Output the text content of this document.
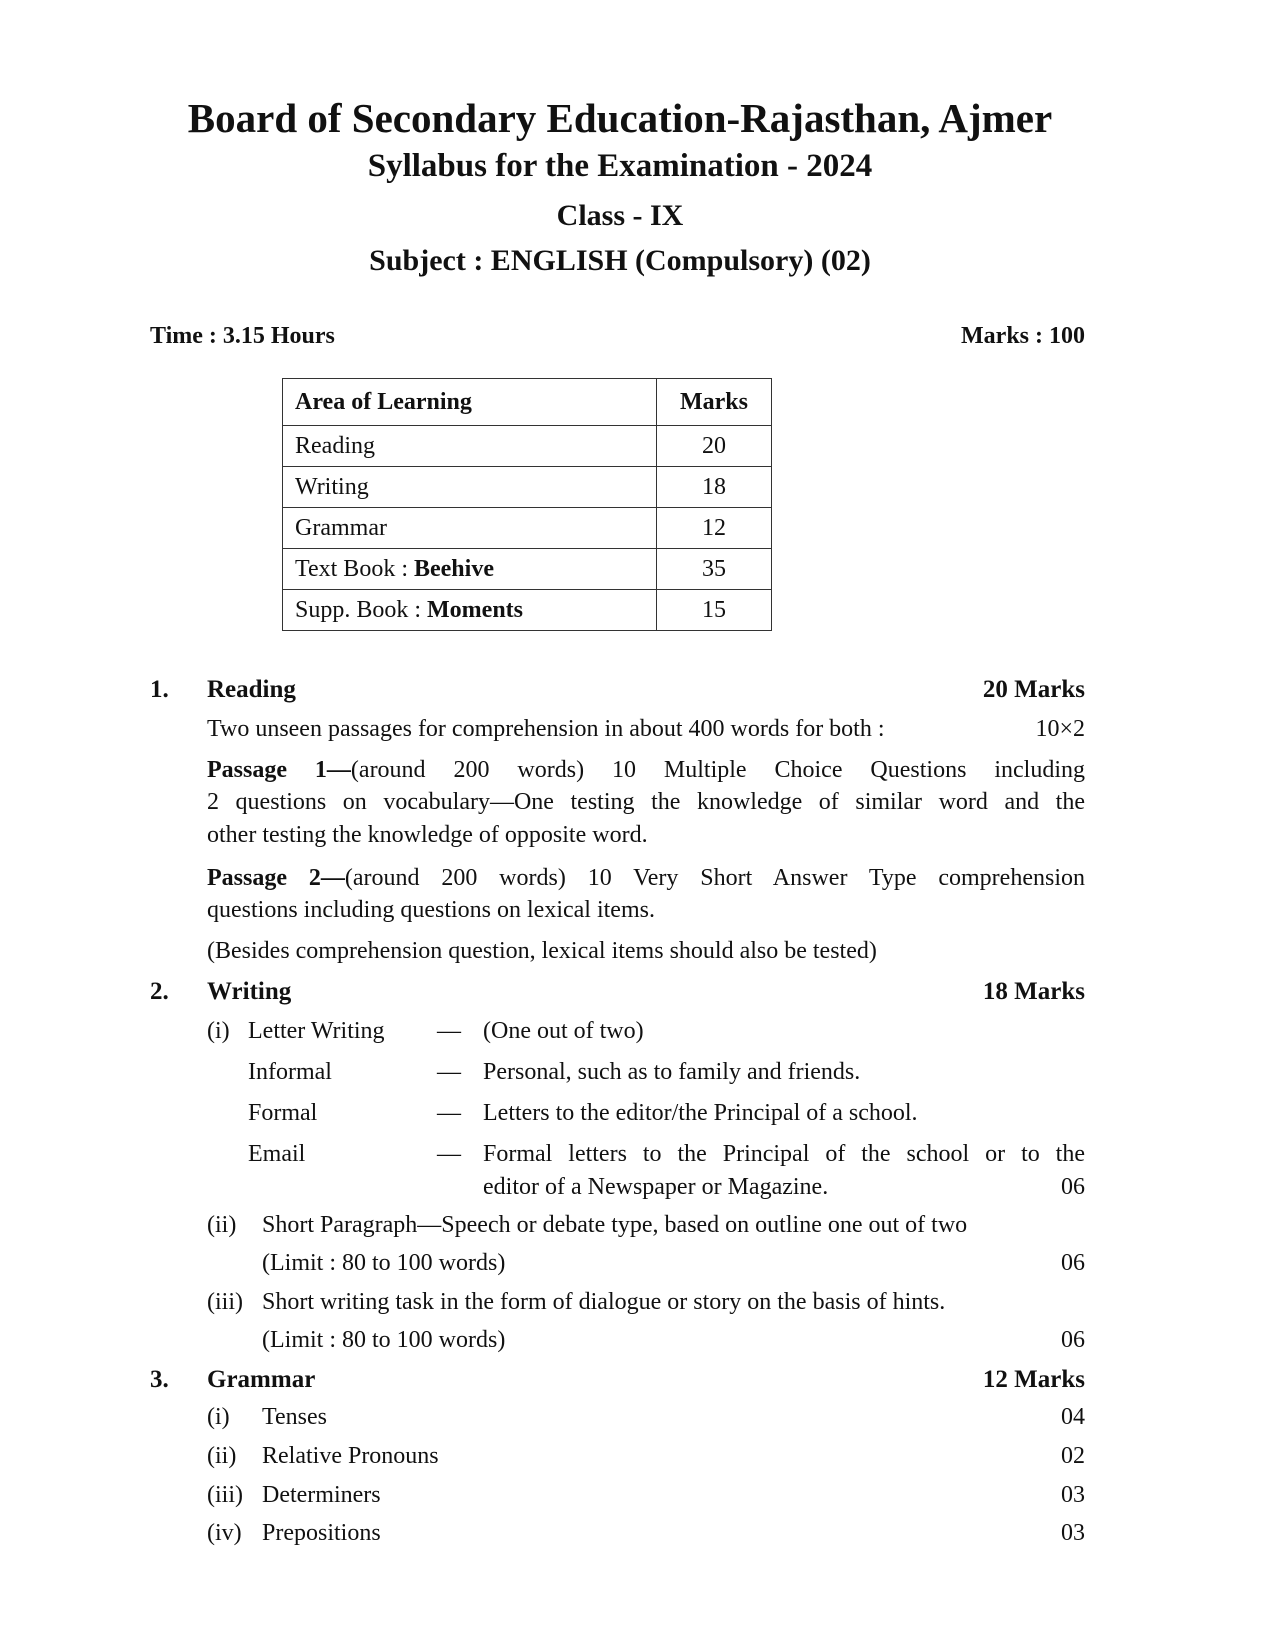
Board of Secondary Education-Rajasthan, Ajmer
Syllabus for the Examination - 2024
Class - IX
Subject : ENGLISH (Compulsory) (02)
Time : 3.15 Hours	Marks : 100
Area of Learning	Marks
Reading	20
Writing	18
Grammar	12
Text Book : Beehive	35
Supp. Book : Moments	15
1. Reading	20 Marks
Two unseen passages for comprehension in about 400 words for both :	10×2
Passage 1—(around 200 words) 10 Multiple Choice Questions including
2 questions on vocabulary—One testing the knowledge of similar word and the
other testing the knowledge of opposite word.
Passage 2—(around 200 words) 10 Very Short Answer Type comprehension
questions including questions on lexical items.
(Besides comprehension question, lexical items should also be tested)
2. Writing	18 Marks
(i) Letter Writing — (One out of two)
Informal	— Personal, such as to family and friends.
Formal	— Letters to the editor/the Principal of a school.
Email	— Formal letters to the Principal of the school or to the
editor of a Newspaper or Magazine.	06
(ii) Short Paragraph—Speech or debate type, based on outline one out of two
(Limit : 80 to 100 words)	06
(iii) Short writing task in the form of dialogue or story on the basis of hints.
(Limit : 80 to 100 words)	06
3. Grammar	12 Marks
(i) Tenses	04
(ii) Relative Pronouns	02
(iii) Determiners	03
(iv) Prepositions	03
